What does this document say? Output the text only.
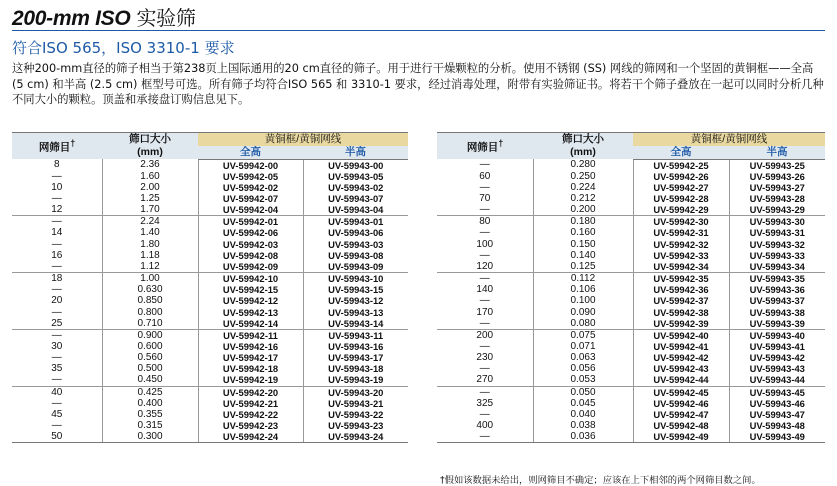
200-mm ISO 实验筛
符合ISO 565，ISO 3310-1 要求
这种200-mm直径的筛子相当于第238页上国际通用的20 cm直径的筛子。用于进行干燥颗粒的分析。使用不锈钢 (SS) 网线的筛网和一个坚固的黄铜框——全高 (5 cm) 和半高 (2.5 cm) 框型号可选。所有筛子均符合ISO 565 和 3310-1 要求，经过消毒处理，附带有实验筛证书。将若干个筛子叠放在一起可以同时分析几种不同大小的颗粒。顶盖和承接盘订购信息见下。
网筛目†	筛口大小
(mm)	黄铜框/黄铜网线	
		全高	半高
8	2.36	UV-59942-00	UV-59943-00
—	1.60	UV-59942-05	UV-59943-05
10	2.00	UV-59942-02	UV-59943-02
—	1.25	UV-59942-07	UV-59943-07
12	1.70	UV-59942-04	UV-59943-04
—	2.24	UV-59942-01	UV-59943-01
14	1.40	UV-59942-06	UV-59943-06
—	1.80	UV-59942-03	UV-59943-03
16	1.18	UV-59942-08	UV-59943-08
—	1.12	UV-59942-09	UV-59943-09
18	1.00	UV-59942-10	UV-59943-10
—	0.630	UV-59942-15	UV-59943-15
20	0.850	UV-59942-12	UV-59943-12
—	0.800	UV-59942-13	UV-59943-13
25	0.710	UV-59942-14	UV-59943-14
—	0.900	UV-59942-11	UV-59943-11
30	0.600	UV-59942-16	UV-59943-16
—	0.560	UV-59942-17	UV-59943-17
35	0.500	UV-59942-18	UV-59943-18
—	0.450	UV-59942-19	UV-59943-19
40	0.425	UV-59942-20	UV-59943-20
—	0.400	UV-59942-21	UV-59943-21
45	0.355	UV-59942-22	UV-59943-22
—	0.315	UV-59942-23	UV-59943-23
50	0.300	UV-59942-24	UV-59943-24
网筛目†	筛口大小
(mm)	黄铜框/黄铜网线	
		全高	半高
—	0.280	UV-59942-25	UV-59943-25
60	0.250	UV-59942-26	UV-59943-26
—	0.224	UV-59942-27	UV-59943-27
70	0.212	UV-59942-28	UV-59943-28
—	0.200	UV-59942-29	UV-59943-29
80	0.180	UV-59942-30	UV-59943-30
—	0.160	UV-59942-31	UV-59943-31
100	0.150	UV-59942-32	UV-59943-32
—	0.140	UV-59942-33	UV-59943-33
120	0.125	UV-59942-34	UV-59943-34
—	0.112	UV-59942-35	UV-59943-35
140	0.106	UV-59942-36	UV-59943-36
—	0.100	UV-59942-37	UV-59943-37
170	0.090	UV-59942-38	UV-59943-38
—	0.080	UV-59942-39	UV-59943-39
200	0.075	UV-59942-40	UV-59943-40
—	0.071	UV-59942-41	UV-59943-41
230	0.063	UV-59942-42	UV-59943-42
—	0.056	UV-59942-43	UV-59943-43
270	0.053	UV-59942-44	UV-59943-44
—	0.050	UV-59942-45	UV-59943-45
325	0.045	UV-59942-46	UV-59943-46
—	0.040	UV-59942-47	UV-59943-47
400	0.038	UV-59942-48	UV-59943-48
—	0.036	UV-59942-49	UV-59943-49
†假如该数据未给出，则网筛目不确定；应该在上下相邻的两个网筛目数之间。
